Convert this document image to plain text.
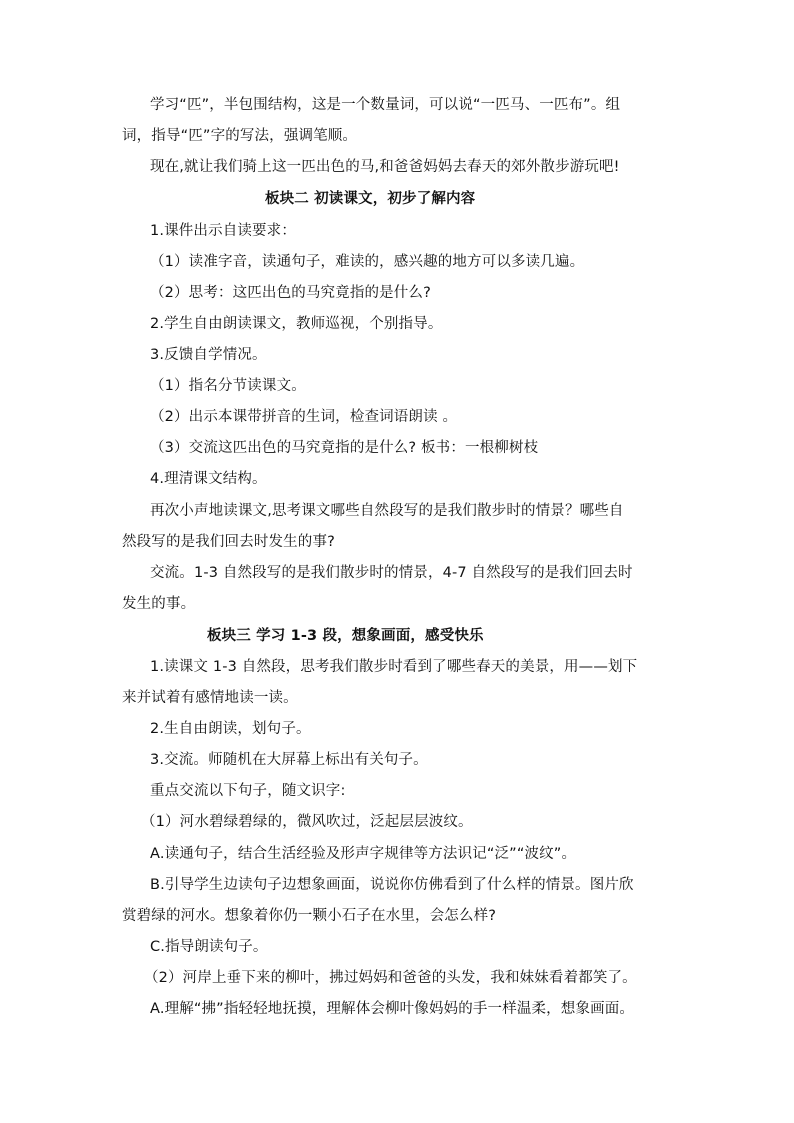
学习“匹”，半包围结构，这是一个数量词，可以说“一匹马、一匹布”。组
词，指导“匹”字的写法，强调笔顺。
现在,就让我们骑上这一匹出色的马,和爸爸妈妈去春天的郊外散步游玩吧!
板块二 初读课文，初步了解内容
1.课件出示自读要求：
（1）读准字音，读通句子，难读的，感兴趣的地方可以多读几遍。
（2）思考：这匹出色的马究竟指的是什么?
2.学生自由朗读课文，教师巡视，个别指导。
3.反馈自学情况。
（1）指名分节读课文。
（2）出示本课带拼音的生词，检查词语朗读 。
（3）交流这匹出色的马究竟指的是什么? 板书：一根柳树枝
4.理清课文结构。
再次小声地读课文,思考课文哪些自然段写的是我们散步时的情景？哪些自
然段写的是我们回去时发生的事?
交流。1-3 自然段写的是我们散步时的情景，4-7 自然段写的是我们回去时
发生的事。
板块三 学习 1-3 段，想象画面，感受快乐
1.读课文 1-3 自然段，思考我们散步时看到了哪些春天的美景，用——划下
来并试着有感情地读一读。
2.生自由朗读，划句子。
3.交流。师随机在大屏幕上标出有关句子。
重点交流以下句子，随文识字:
（1）河水碧绿碧绿的，微风吹过，泛起层层波纹。
A.读通句子，结合生活经验及形声字规律等方法识记“泛”“波纹”。
B.引导学生边读句子边想象画面，说说你仿佛看到了什么样的情景。图片欣
赏碧绿的河水。想象着你仍一颗小石子在水里，会怎么样?
C.指导朗读句子。
（2）河岸上垂下来的柳叶，拂过妈妈和爸爸的头发，我和妹妹看着都笑了。
A.理解“拂”指轻轻地抚摸，理解体会柳叶像妈妈的手一样温柔，想象画面。
